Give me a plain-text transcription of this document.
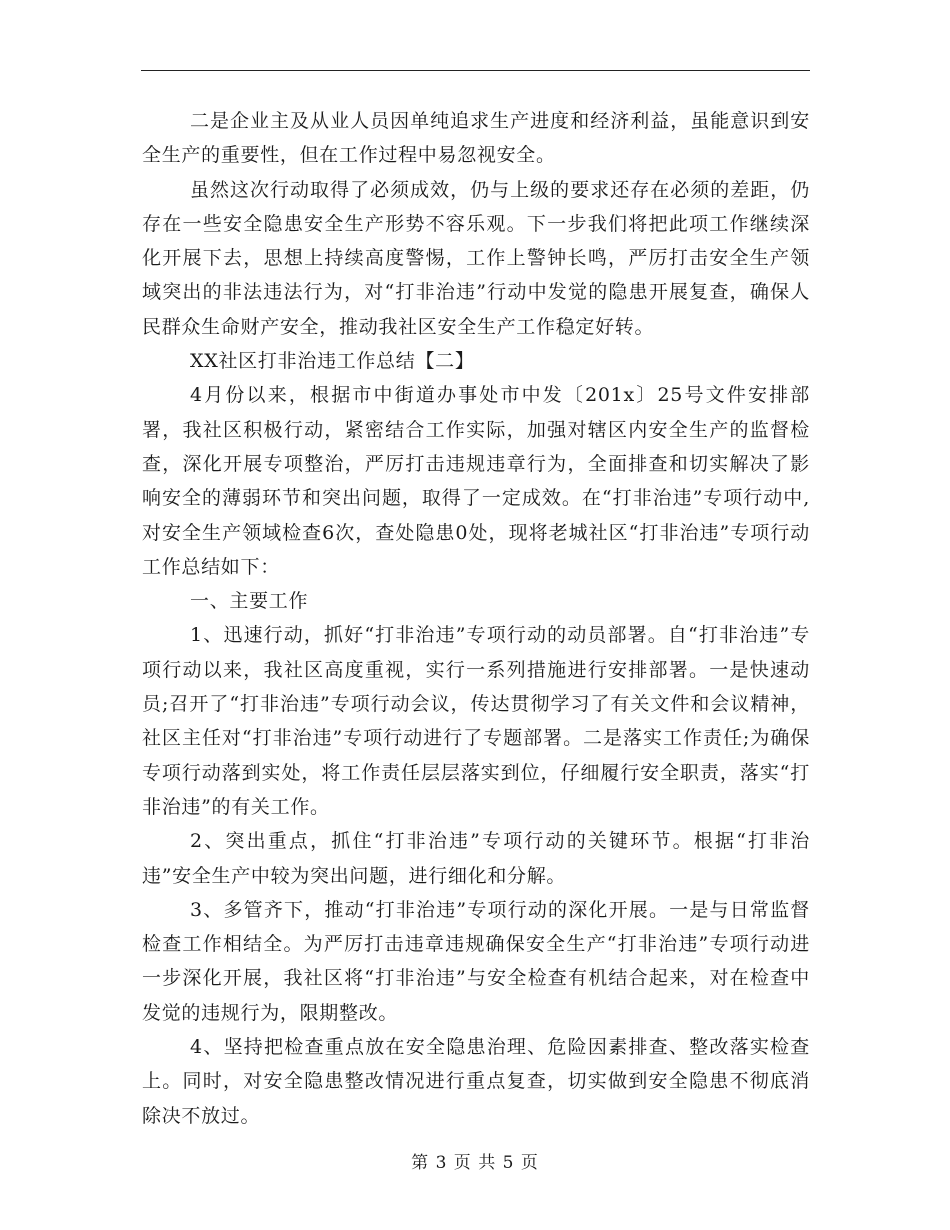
二是企业主及从业人员因单纯追求生产进度和经济利益，虽能意识到安全生产的重要性，但在工作过程中易忽视安全。

虽然这次行动取得了必须成效，仍与上级的要求还存在必须的差距，仍存在一些安全隐患安全生产形势不容乐观。下一步我们将把此项工作继续深化开展下去，思想上持续高度警惕，工作上警钟长鸣，严厉打击安全生产领域突出的非法违法行为，对“打非治违”行动中发觉的隐患开展复查，确保人民群众生命财产安全，推动我社区安全生产工作稳定好转。

XX社区打非治违工作总结【二】

4月份以来，根据市中街道办事处市中发〔201x〕25号文件安排部署，我社区积极行动，紧密结合工作实际，加强对辖区内安全生产的监督检查，深化开展专项整治，严厉打击违规违章行为，全面排查和切实解决了影响安全的薄弱环节和突出问题，取得了一定成效。在“打非治违”专项行动中,对安全生产领域检查6次，查处隐患0处，现将老城社区“打非治违”专项行动工作总结如下：

一、主要工作

1、迅速行动，抓好“打非治违”专项行动的动员部署。自“打非治违”专项行动以来，我社区高度重视，实行一系列措施进行安排部署。一是快速动员;召开了“打非治违”专项行动会议，传达贯彻学习了有关文件和会议精神，社区主任对“打非治违”专项行动进行了专题部署。二是落实工作责任;为确保专项行动落到实处，将工作责任层层落实到位，仔细履行安全职责，落实“打非治违”的有关工作。

2、突出重点，抓住“打非治违”专项行动的关键环节。根据“打非治违”安全生产中较为突出问题，进行细化和分解。

3、多管齐下，推动“打非治违”专项行动的深化开展。一是与日常监督检查工作相结全。为严厉打击违章违规确保安全生产“打非治违”专项行动进一步深化开展，我社区将“打非治违”与安全检查有机结合起来，对在检查中发觉的违规行为，限期整改。

4、坚持把检查重点放在安全隐患治理、危险因素排查、整改落实检查上。同时，对安全隐患整改情况进行重点复查，切实做到安全隐患不彻底消除决不放过。

第 3 页 共 5 页
